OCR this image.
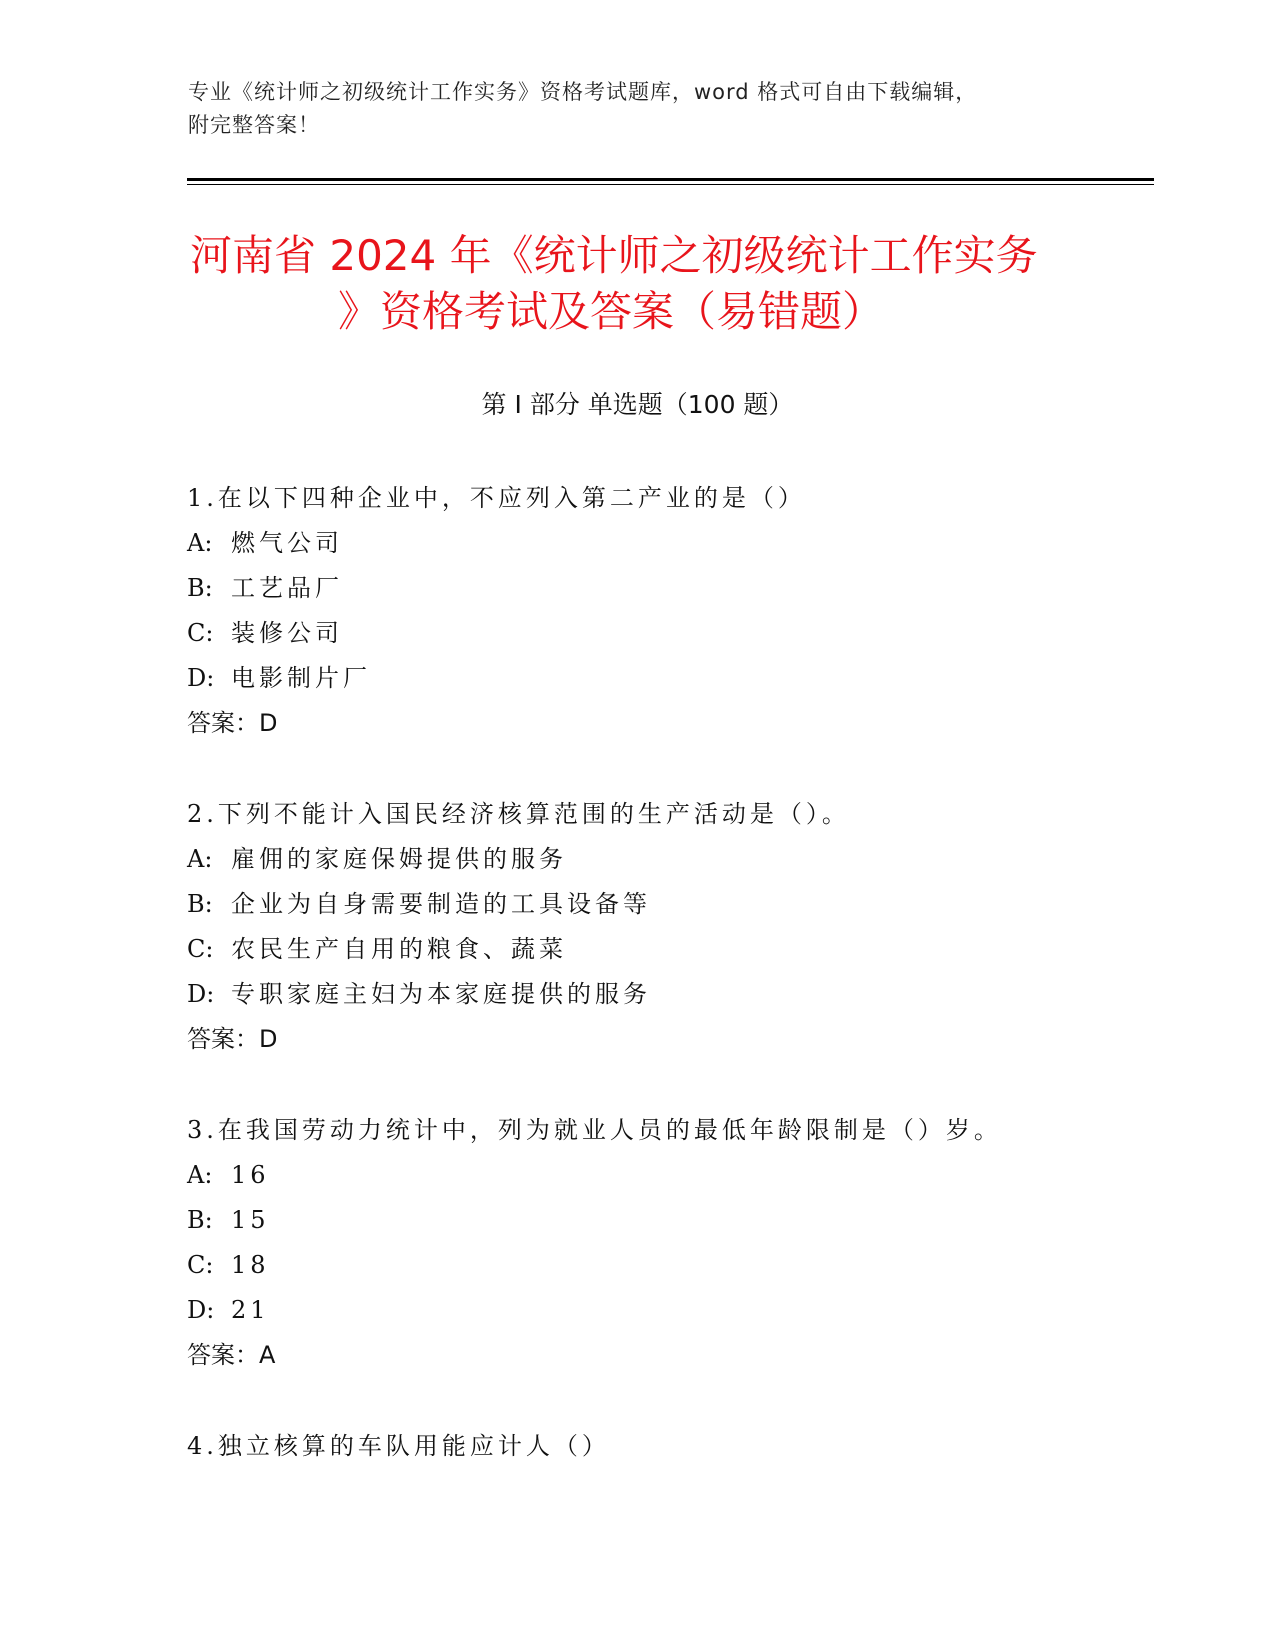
专业《统计师之初级统计工作实务》资格考试题库，word 格式可自由下载编辑，
附完整答案！
河南省 2024 年《统计师之初级统计工作实务
》资格考试及答案（易错题）
第 I 部分 单选题（100 题）
1.在以下四种企业中，不应列入第二产业的是（）
A: 燃气公司
B: 工艺品厂
C: 装修公司
D: 电影制片厂
答案：D
2.下列不能计入国民经济核算范围的生产活动是（）。
A: 雇佣的家庭保姆提供的服务
B: 企业为自身需要制造的工具设备等
C: 农民生产自用的粮食、蔬菜
D: 专职家庭主妇为本家庭提供的服务
答案：D
3.在我国劳动力统计中，列为就业人员的最低年龄限制是（）岁。
A: 16
B: 15
C: 18
D: 21
答案：A
4.独立核算的车队用能应计人（）
